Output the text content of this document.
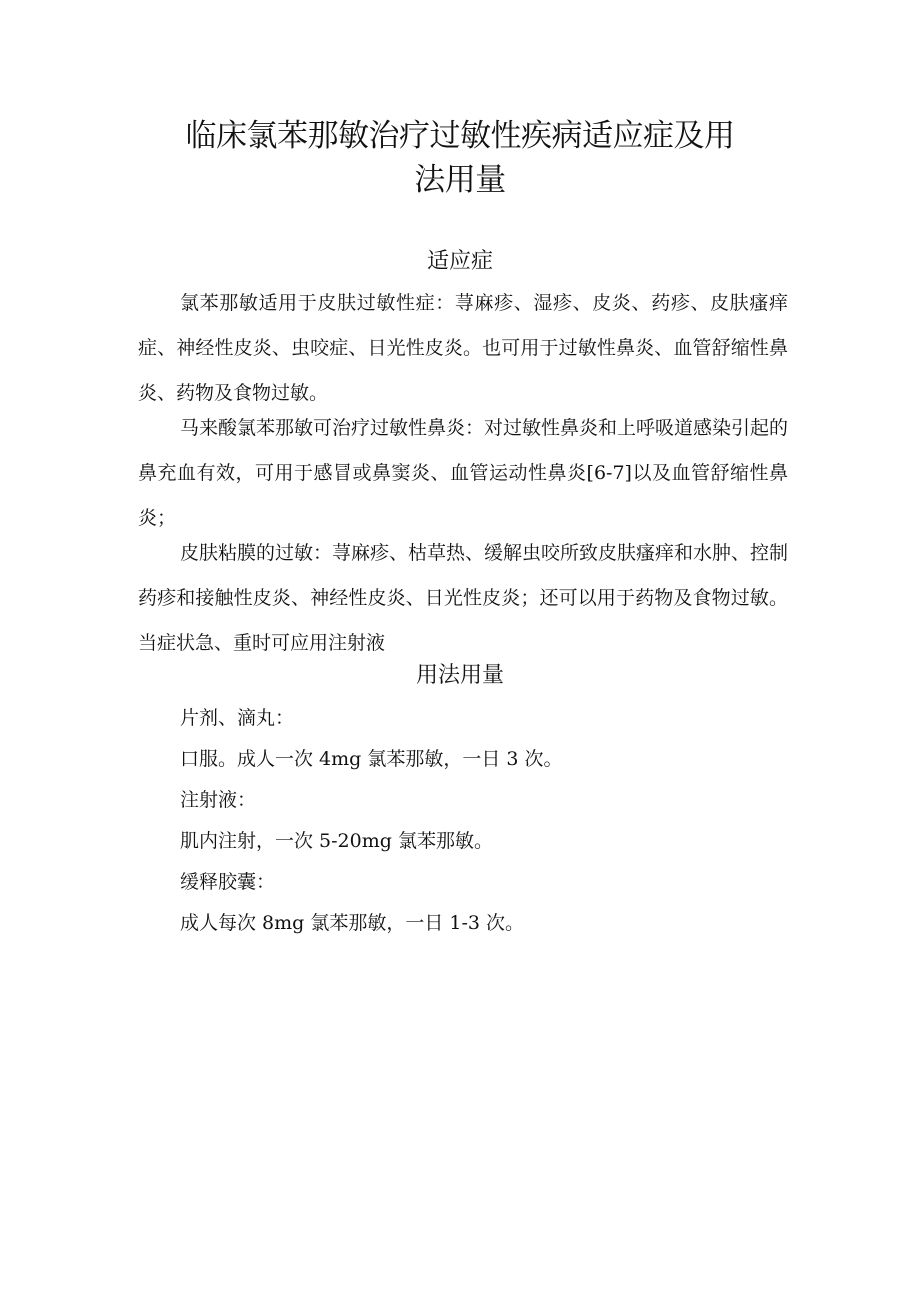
临床氯苯那敏治疗过敏性疾病适应症及用
法用量
适应症

氯苯那敏适用于皮肤过敏性症：荨麻疹、湿疹、皮炎、药疹、皮肤瘙痒症、神经性皮炎、虫咬症、日光性皮炎。也可用于过敏性鼻炎、血管舒缩性鼻炎、药物及食物过敏。

马来酸氯苯那敏可治疗过敏性鼻炎：对过敏性鼻炎和上呼吸道感染引起的鼻充血有效，可用于感冒或鼻窦炎、血管运动性鼻炎[6-7]以及血管舒缩性鼻炎；

皮肤粘膜的过敏：荨麻疹、枯草热、缓解虫咬所致皮肤瘙痒和水肿、控制药疹和接触性皮炎、神经性皮炎、日光性皮炎；还可以用于药物及食物过敏。当症状急、重时可应用注射液

用法用量

片剂、滴丸：

口服。成人一次 4mg 氯苯那敏，一日 3 次。

注射液：

肌内注射，一次 5-20mg 氯苯那敏。

缓释胶囊：

成人每次 8mg 氯苯那敏，一日 1-3 次。
